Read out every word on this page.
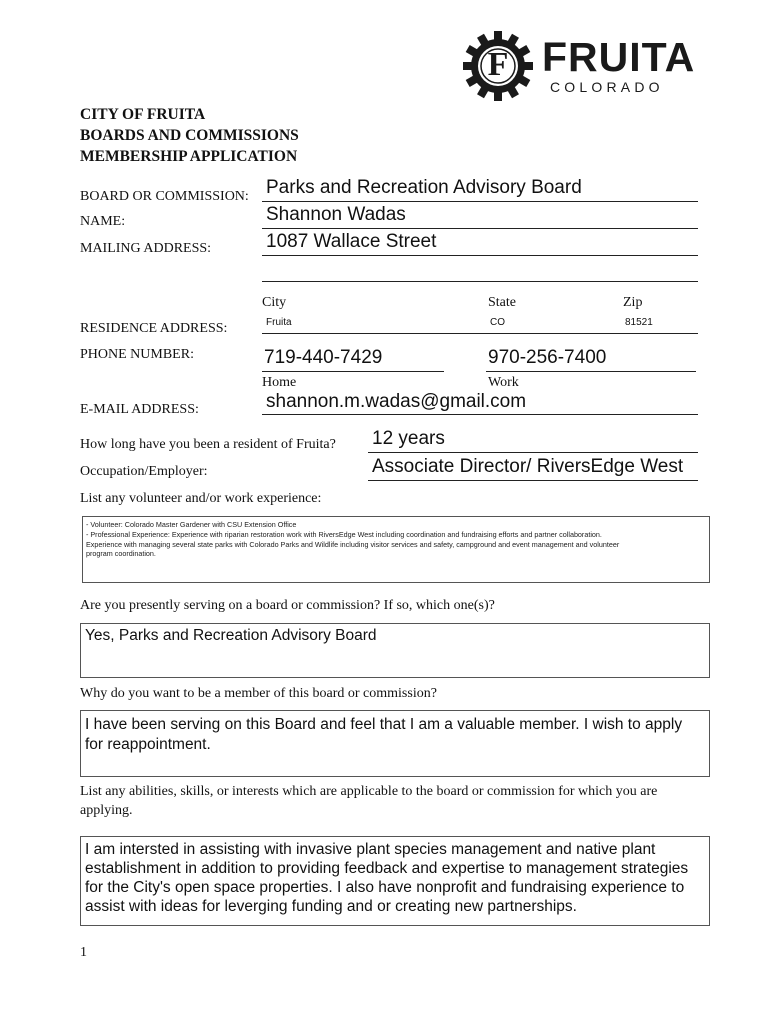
F FRUITA
COLORADO
CITY OF FRUITA
BOARDS AND COMMISSIONS
MEMBERSHIP APPLICATION
BOARD OR COMMISSION: Parks and Recreation Advisory Board
NAME:	Shannon Wadas
MAILING ADDRESS:	1087 Wallace Street
City	State	Zip
RESIDENCE ADDRESS:	Fruita	CO	81521
PHONE NUMBER:	719-440-7429	970-256-7400
Home	Work
E-MAIL ADDRESS:	shannon.m.wadas@gmail.com
How long have you been a resident of Fruita? 12 years
Occupation/Employer:	Associate Director/ RiversEdge West
List any volunteer and/or work experience:
- Volunteer: Colorado Master Gardener with CSU Extension Office
- Professional Experience: Experience with riparian restoration work with RiversEdge West including coordination and fundraising efforts and partner collaboration.
Experience with managing several state parks with Colorado Parks and Wildlife including visitor services and safety, campground and event management and volunteer
program coordination.
Are you presently serving on a board or commission? If so, which one(s)?
Yes, Parks and Recreation Advisory Board
Why do you want to be a member of this board or commission?
I have been serving on this Board and feel that I am a valuable member. I wish to apply
for reappointment.
List any abilities, skills, or interests which are applicable to the board or commission for which you are
applying.
I am intersted in assisting with invasive plant species management and native plant
establishment in addition to providing feedback and expertise to management strategies
for the City's open space properties. I also have nonprofit and fundraising experience to
assist with ideas for leverging funding and or creating new partnerships.
1
